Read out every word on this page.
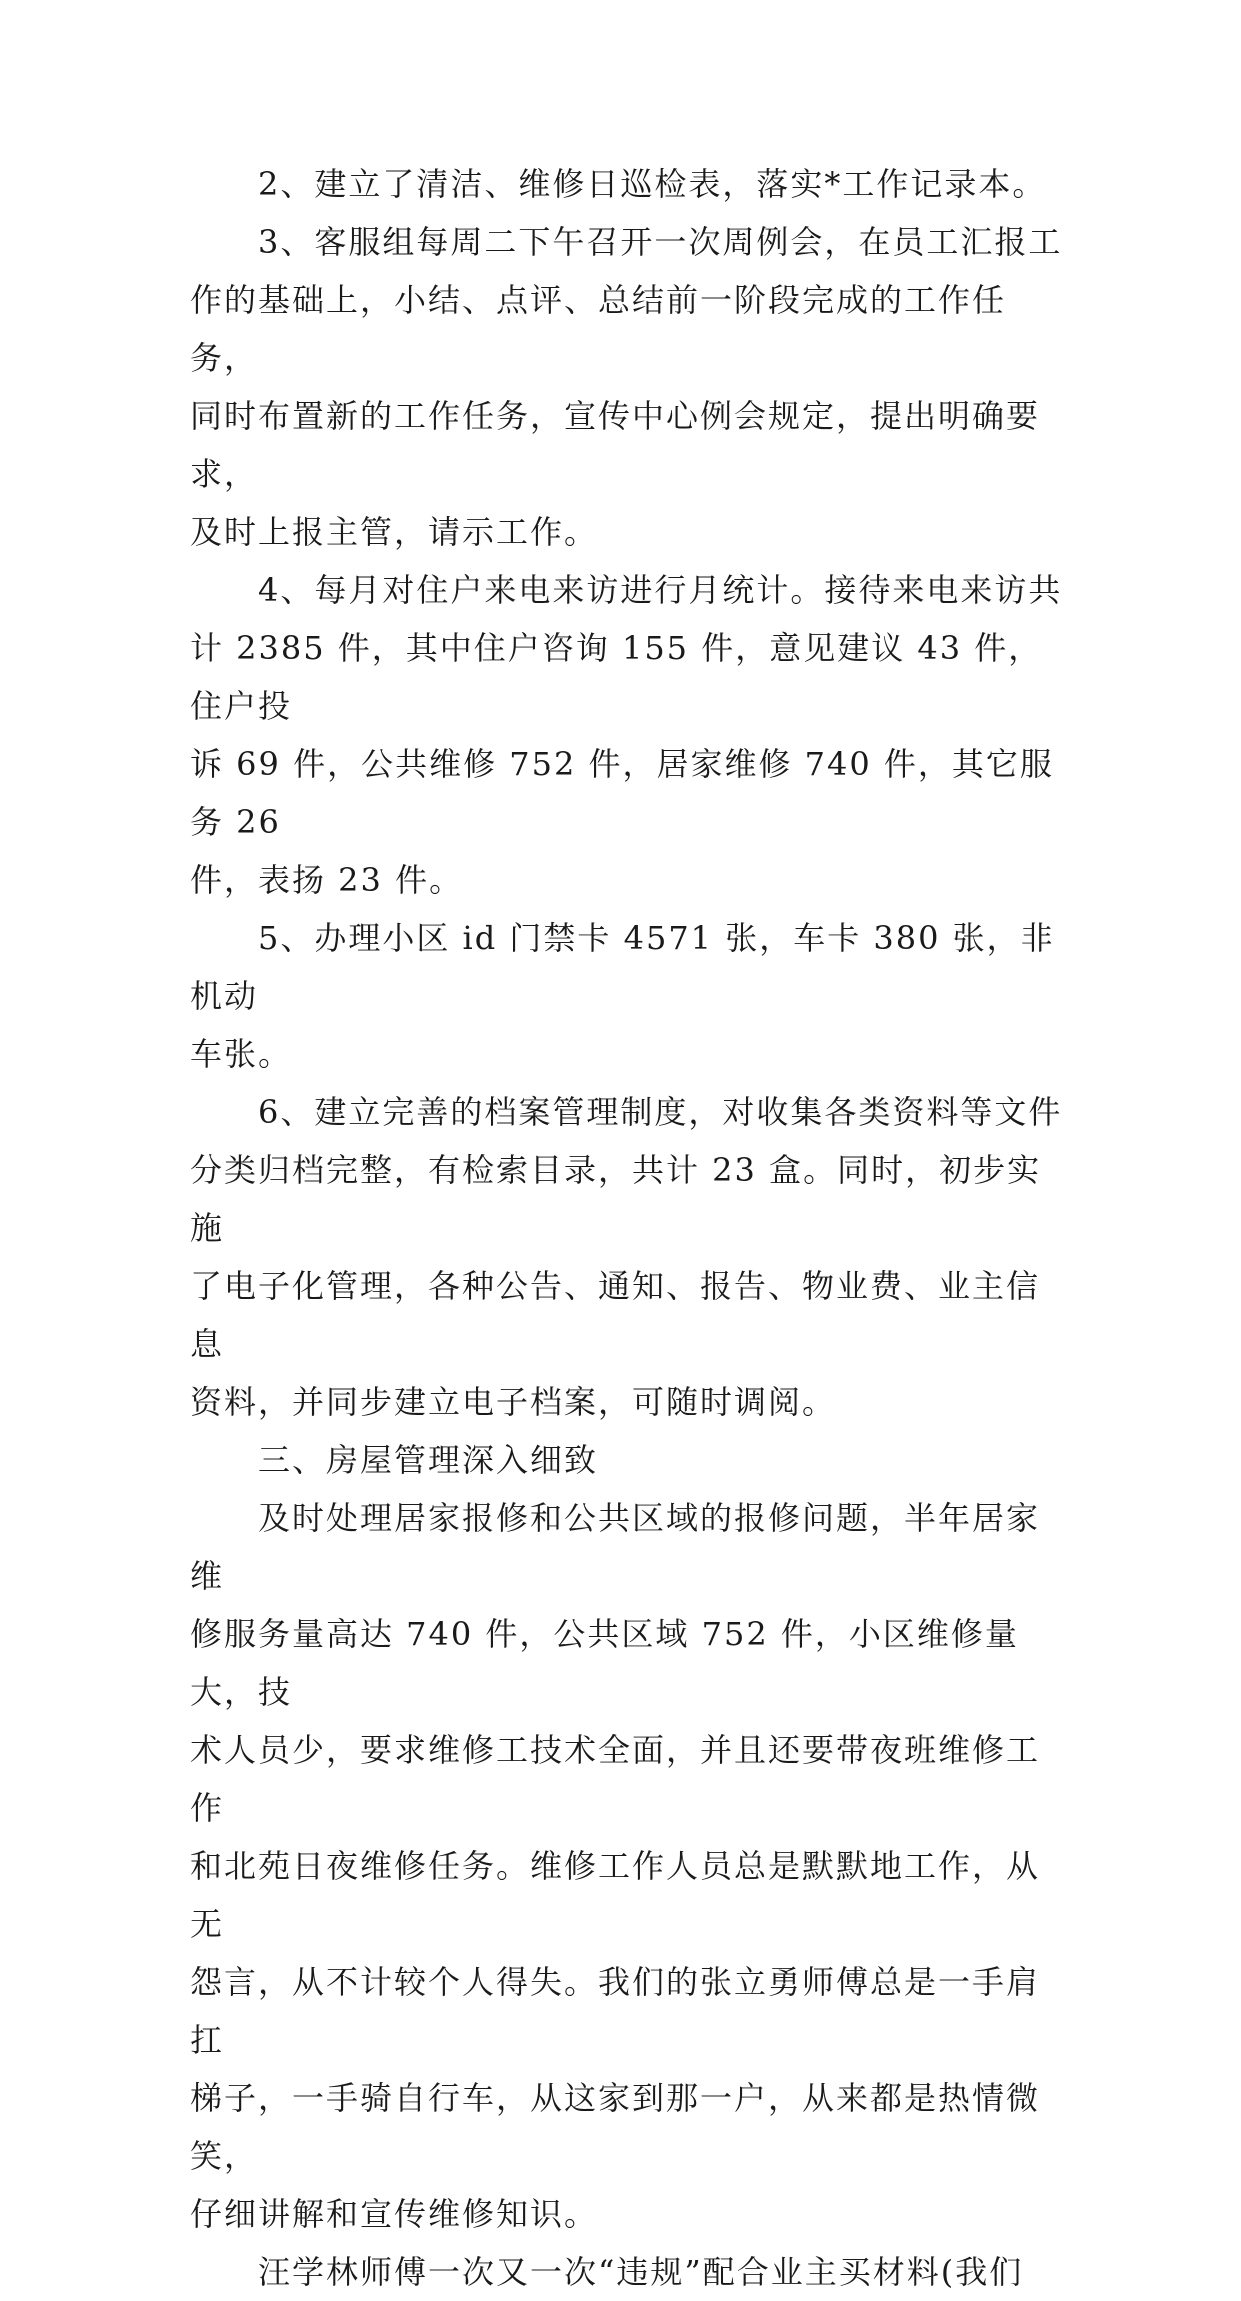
　　2、建立了清洁、维修日巡检表，落实*工作记录本。

　　3、客服组每周二下午召开一次周例会，在员工汇报工
作的基础上，小结、点评、总结前一阶段完成的工作任务，
同时布置新的工作任务，宣传中心例会规定，提出明确要求，
及时上报主管，请示工作。

　　4、每月对住户来电来访进行月统计。接待来电来访共
计 2385 件，其中住户咨询 155 件，意见建议 43 件，住户投
诉 69 件，公共维修 752 件，居家维修 740 件，其它服务 26
件，表扬 23 件。

　　5、办理小区 id 门禁卡 4571 张，车卡 380 张，非机动
车张。

　　6、建立完善的档案管理制度，对收集各类资料等文件
分类归档完整，有检索目录，共计 23 盒。同时，初步实施
了电子化管理，各种公告、通知、报告、物业费、业主信息
资料，并同步建立电子档案，可随时调阅。

　　三、房屋管理深入细致

　　及时处理居家报修和公共区域的报修问题，半年居家维
修服务量高达 740 件，公共区域 752 件，小区维修量大，技
术人员少，要求维修工技术全面，并且还要带夜班维修工作
和北苑日夜维修任务。维修工作人员总是默默地工作，从无
怨言，从不计较个人得失。我们的张立勇师傅总是一手肩扛
梯子，一手骑自行车，从这家到那一户，从来都是热情微笑，
仔细讲解和宣传维修知识。

　　汪学林师傅一次又一次“违规”配合业主买材料(我们
